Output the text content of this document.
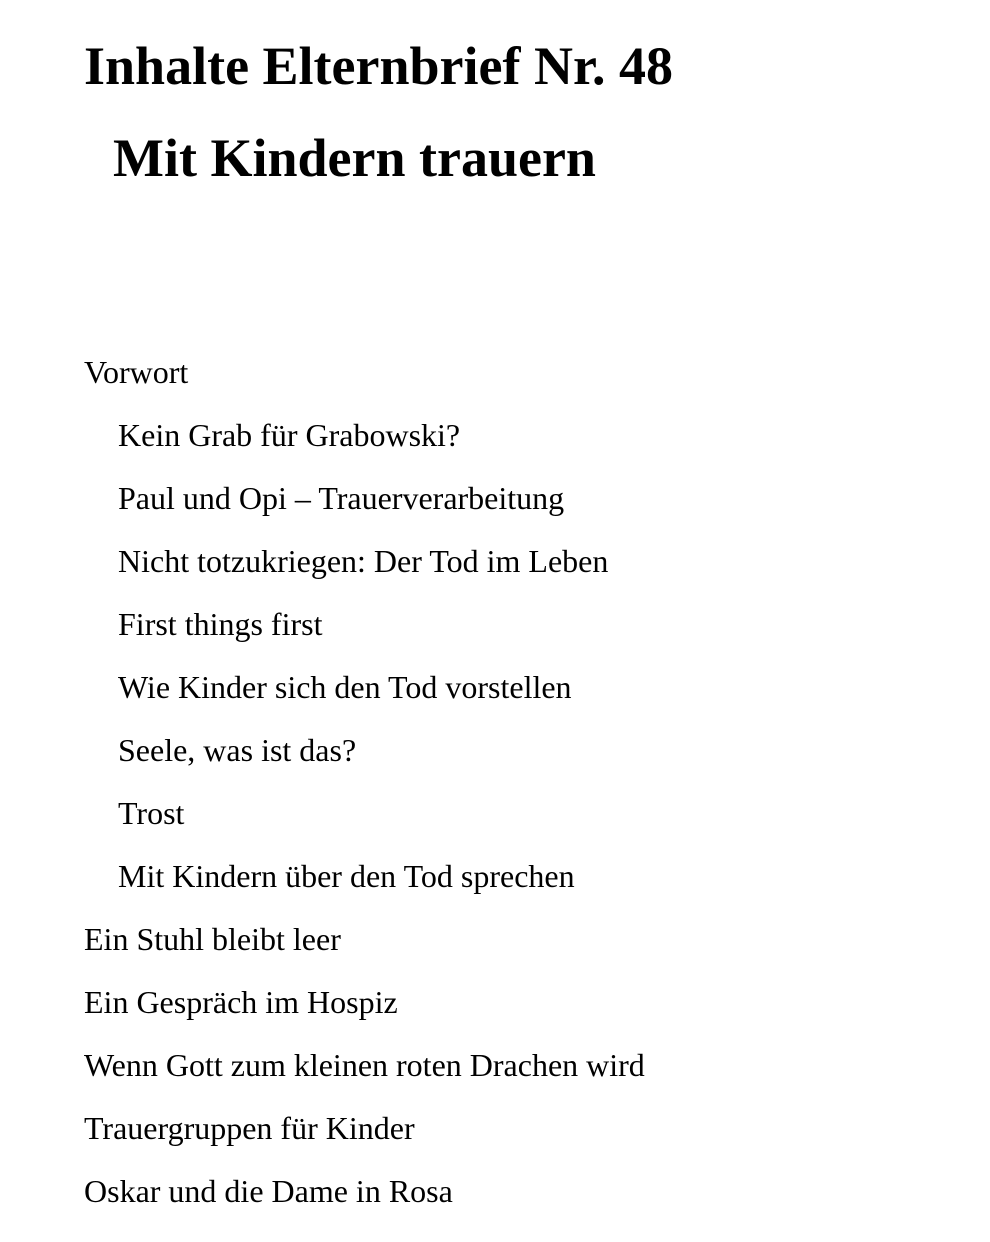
Inhalte Elternbrief Nr. 48
Mit Kindern trauern
Vorwort
Kein Grab für Grabowski?
Paul und Opi – Trauerverarbeitung
Nicht totzukriegen: Der Tod im Leben
First things first
Wie Kinder sich den Tod vorstellen
Seele, was ist das?
Trost
Mit Kindern über den Tod sprechen
Ein Stuhl bleibt leer
Ein Gespräch im Hospiz
Wenn Gott zum kleinen roten Drachen wird
Trauergruppen für Kinder
Oskar und die Dame in Rosa
